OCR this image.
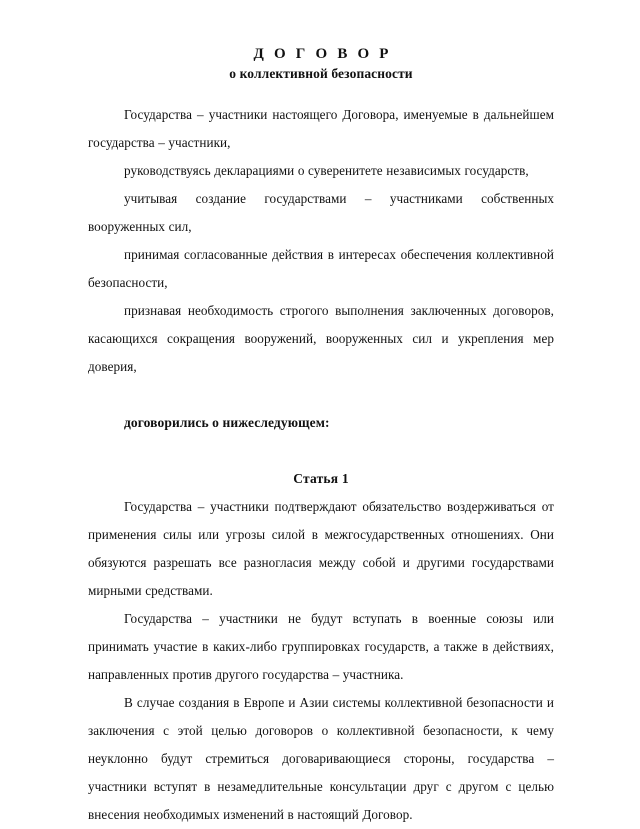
Д О Г О В О Р
о коллективной безопасности

Государства – участники настоящего Договора, именуемые в дальнейшем государства – участники,

руководствуясь декларациями о суверенитете независимых государств,

учитывая создание государствами – участниками собственных вооруженных сил,

принимая согласованные действия в интересах обеспечения коллективной безопасности,

признавая необходимость строгого выполнения заключенных договоров, касающихся сокращения вооружений, вооруженных сил и укрепления мер доверия,

договорились о нижеследующем:

Статья 1

Государства – участники подтверждают обязательство воздерживаться от применения силы или угрозы силой в межгосударственных отношениях. Они обязуются разрешать все разногласия между собой и другими государствами мирными средствами.

Государства – участники не будут вступать в военные союзы или принимать участие в каких-либо группировках государств, а также в действиях, направленных против другого государства – участника.

В случае создания в Европе и Азии системы коллективной безопасности и заключения с этой целью договоров о коллективной безопасности, к чему неуклонно будут стремиться договаривающиеся стороны, государства – участники вступят в незамедлительные консультации друг с другом с целью внесения необходимых изменений в настоящий Договор.
